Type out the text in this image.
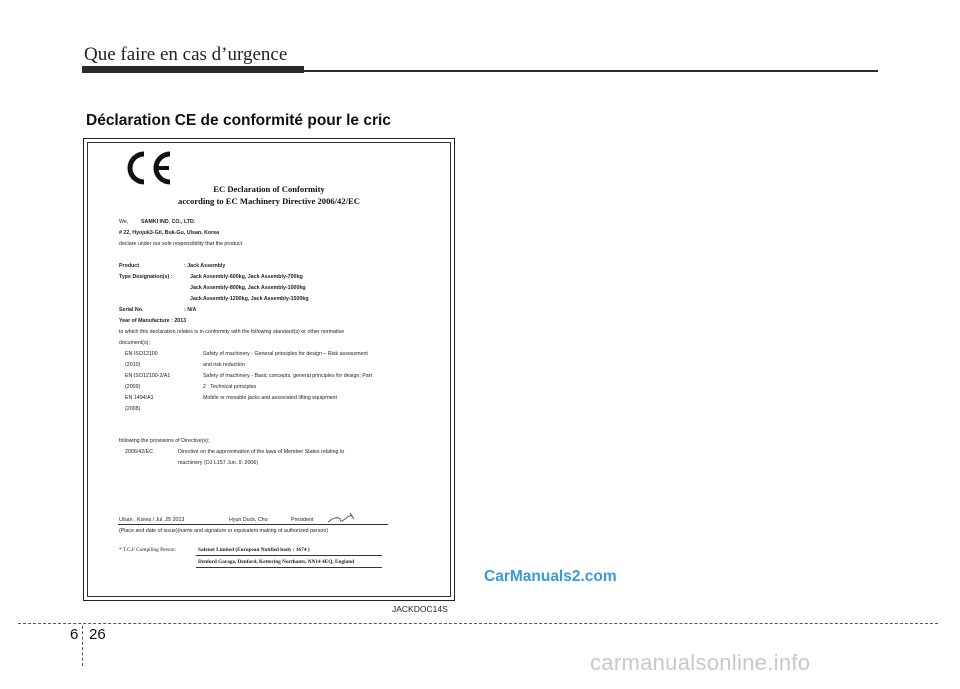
Que faire en cas d’urgence
Déclaration CE de conformité pour le cric
EC Declaration of Conformity
according to EC Machinery Directive 2006/42/EC
We, SAMKI IND. CO., LTD.
# 22, Hyojuk3-Gil, Buk-Gu, Ulsan, Korea
declare under our sole responsibility that the product
Product	: Jack Assembly
Type Designation(s) :	Jack Assembly-600kg, Jack Assembly-700kg
Jack Assembly-800kg, Jack Assembly-1000kg
Jack Assembly-1200kg, Jack Assembly-1500kg
Serial No.	: N/A
Year of Manufacture : 2013
to which this declaration relates is in conformity with the following standard(s) or other normative
document(s);
EN ISO12100	Safety of machinery - General principles for design – Risk assessment
(2010)	and risk reduction
EN ISO12100-2/A1	Safety of machinery - Basic concepts, general principles for design, Part
(2009)	2 : Technical principles
EN 1494/A1	Mobile or movable jacks and associated lifting equipment
(2008)
following the provisions of Directive(s);
2006/42/EC	Directive on the approximation of the laws of Member States relating to
machinery (OJ L157 Jun. 9. 2006)
Ulsan , Korea / Jul .25 2013	Hyun Duck, Cho	President
(Place and date of issue)(name and signature or equivalent making of authorized person)
* T.C.F Compiling Person:	Safenet Limited (European Notified body : 1674 )
Denford Garage, Denford, Kettering Northants, NN14 4EQ, England
JACKDOC14S
CarManuals2.com
6 26
carmanualsonline.info
